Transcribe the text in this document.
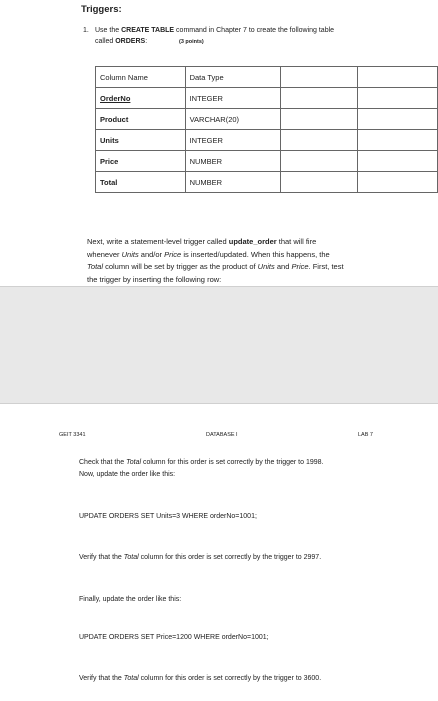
Triggers:
1. Use the CREATE TABLE command in Chapter 7 to create the following table
called ORDERS:	(3 points)
Column Name	Data Type		
OrderNo	INTEGER		
Product	VARCHAR(20)		
Units	INTEGER		
Price	NUMBER		
Total	NUMBER		
Next, write a statement-level trigger called update_order that will fire
whenever Units and/or Price is inserted/updated. When this happens, the
Total column will be set by trigger as the product of Units and Price. First, test
the trigger by inserting the following row:
GEIT 3341	DATABASE I	LAB 7
Check that the Total column for this order is set correctly by the trigger to 1998.
Now, update the order like this:
UPDATE ORDERS SET Units=3 WHERE orderNo=1001;
Verify that the Total column for this order is set correctly by the trigger to 2997.
Finally, update the order like this:
UPDATE ORDERS SET Price=1200 WHERE orderNo=1001;
Verify that the Total column for this order is set correctly by the trigger to 3600.
